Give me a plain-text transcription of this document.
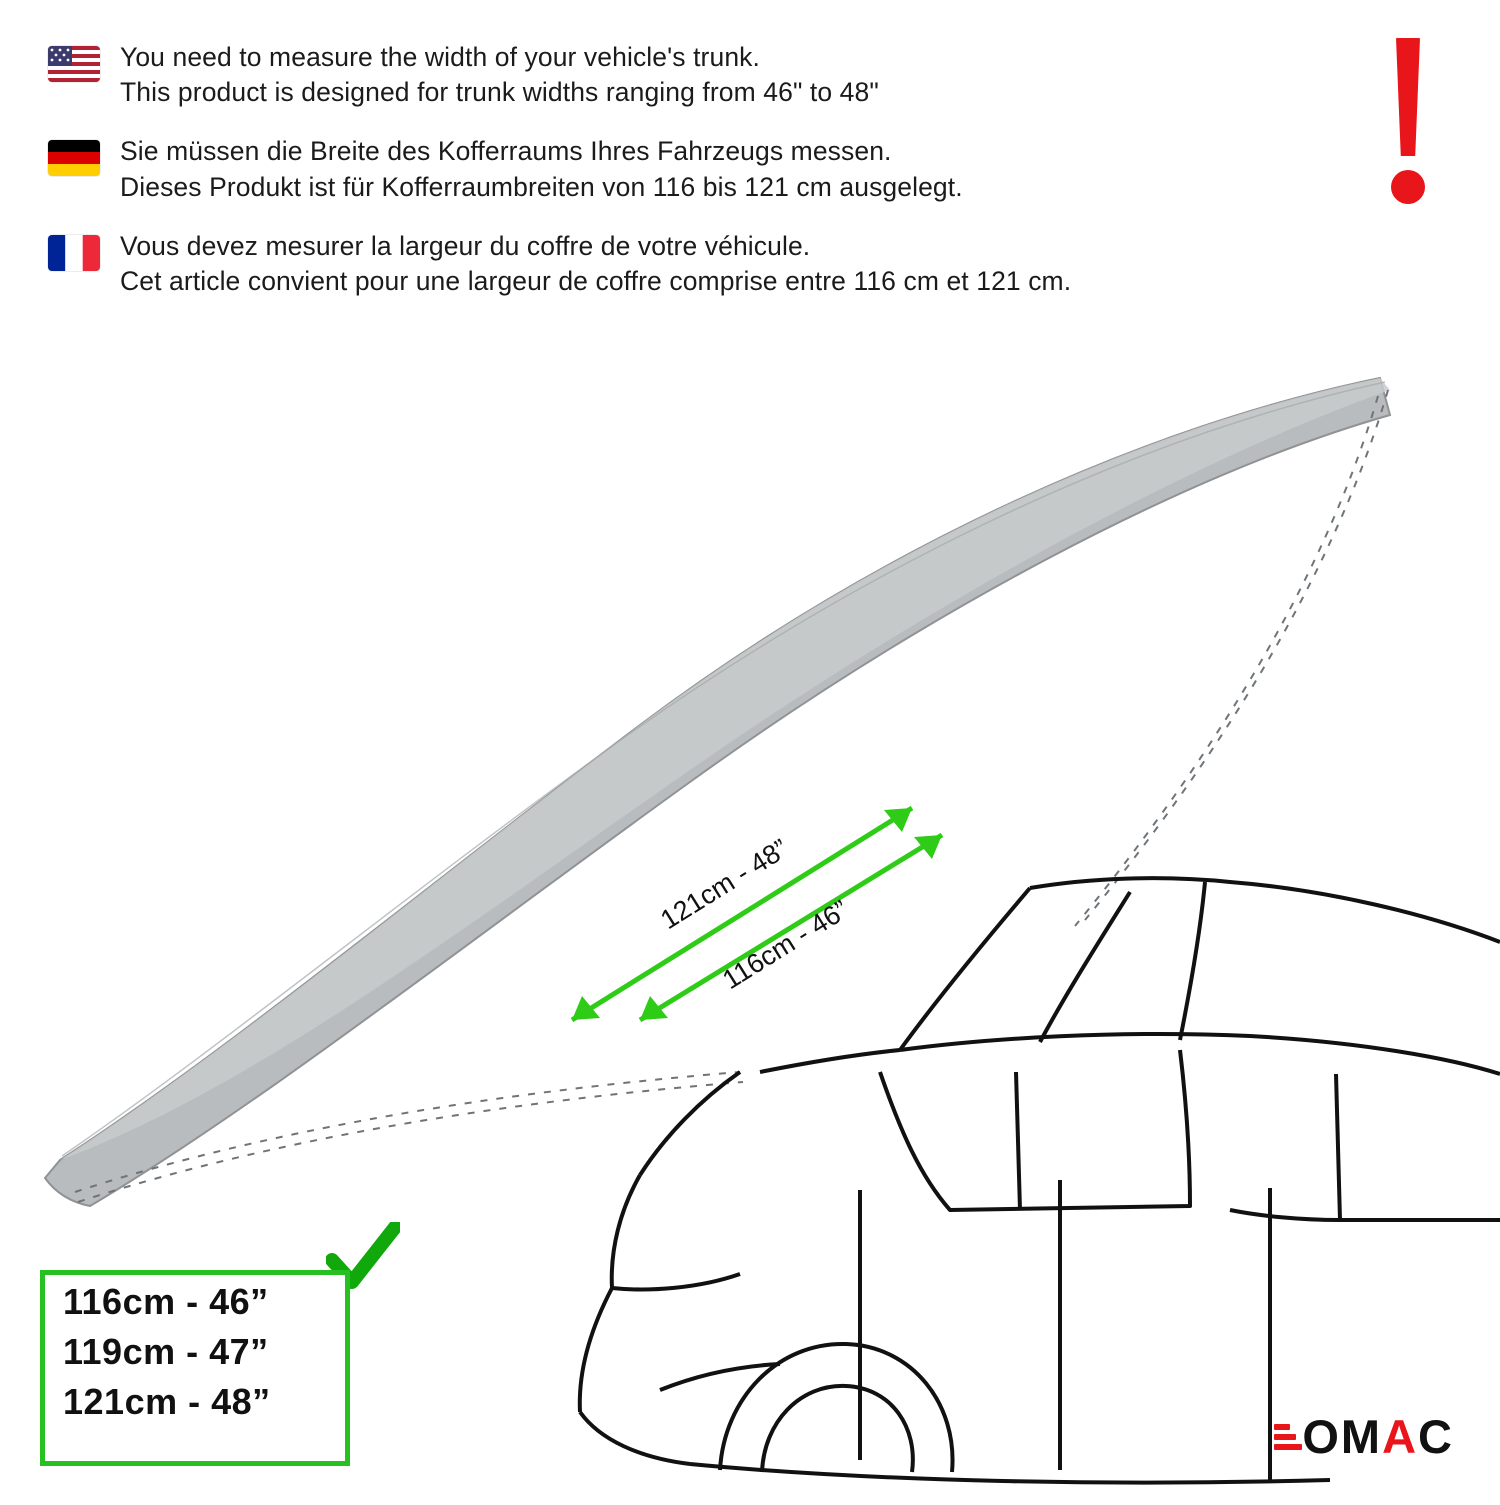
You need to measure the width of your vehicle's trunk.
This product is designed for trunk widths ranging from 46" to 48"
Sie müssen die Breite des Kofferraums Ihres Fahrzeugs messen.
Dieses Produkt ist für Kofferraumbreiten von 116 bis 121 cm ausgelegt.
Vous devez mesurer la largeur du coffre de votre véhicule.
Cet article convient pour une largeur de coffre comprise entre 116 cm et 121 cm.
121cm - 48”
116cm - 46”
116cm - 46”
119cm - 47”
121cm - 48”
OMAC
